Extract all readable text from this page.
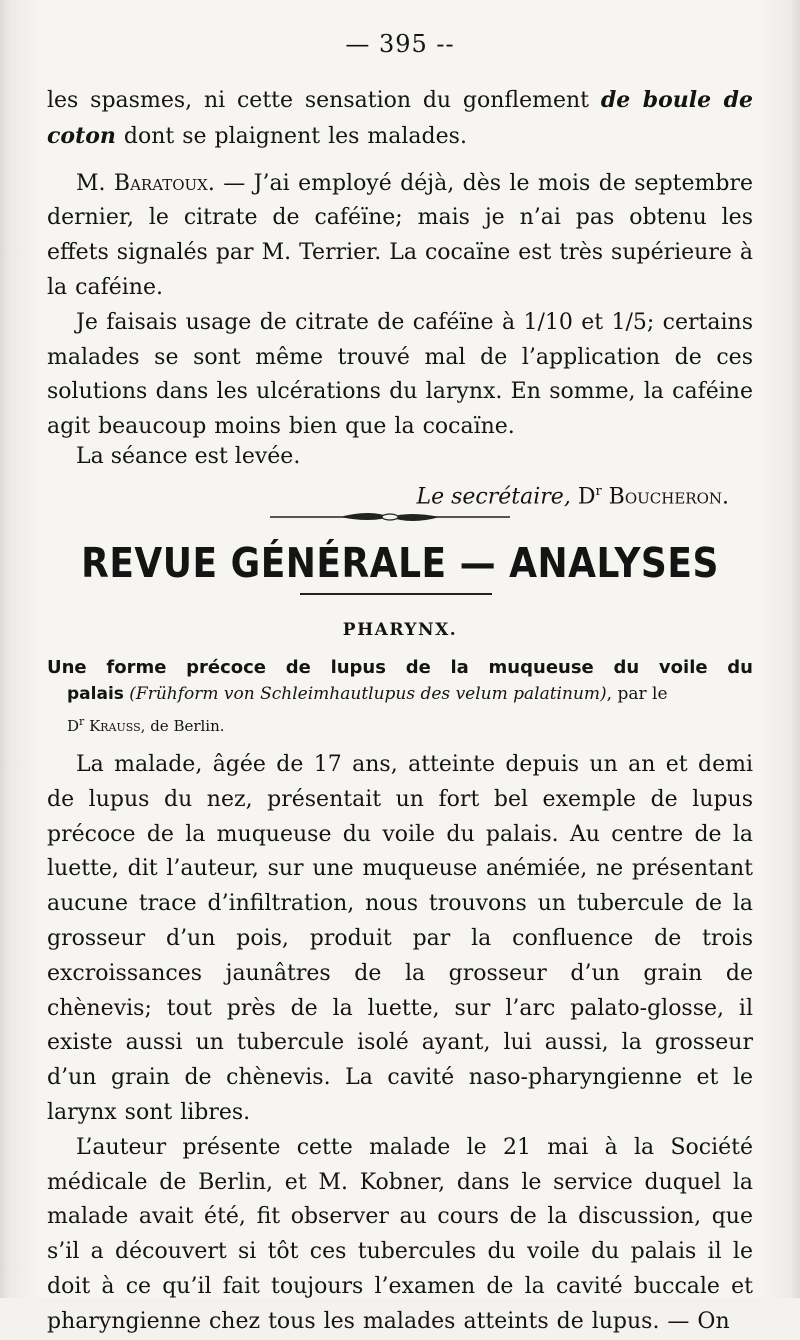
— 395 --

les spasmes, ni cette sensation du gonflement de boule de coton dont se plaignent les malades.

M. Baratoux. — J’ai employé déjà, dès le mois de septembre dernier, le citrate de caféïne; mais je n’ai pas obtenu les effets signalés par M. Terrier. La cocaïne est très supérieure à la caféine.

Je faisais usage de citrate de caféïne à 1/10 et 1/5; certains malades se sont même trouvé mal de l’application de ces solutions dans les ulcérations du larynx. En somme, la caféine agit beaucoup moins bien que la cocaïne.

La séance est levée.
Le secrétaire, $D^r$ Boucheron.
REVUE GÉNÉRALE — ANALYSES
PHARYNX.
Une forme précoce de lupus de la muqueuse du voile du
palais (Frühform von Schleimhautlupus des velum palatinum), par le
$D^r$ Krauss, de Berlin.

La malade, âgée de 17 ans, atteinte depuis un an et demi de lupus du nez, présentait un fort bel exemple de lupus précoce de la muqueuse du voile du palais. Au centre de la luette, dit l’auteur, sur une muqueuse anémiée, ne présentant aucune trace d’infiltration, nous trouvons un tubercule de la grosseur d’un pois, produit par la confluence de trois excroissances jaunâtres de la grosseur d’un grain de chènevis; tout près de la luette, sur l’arc palato-glosse, il existe aussi un tubercule isolé ayant, lui aussi, la grosseur d’un grain de chènevis. La cavité naso-pharyngienne et le larynx sont libres.

L’auteur présente cette malade le 21 mai à la Société médicale de Berlin, et M. Kobner, dans le service duquel la malade avait été, fit observer au cours de la discussion, que s’il a découvert si tôt ces tubercules du voile du palais il le doit à ce qu’il fait toujours l’examen de la cavité buccale et pharyngienne chez tous les malades atteints de lupus. — On
